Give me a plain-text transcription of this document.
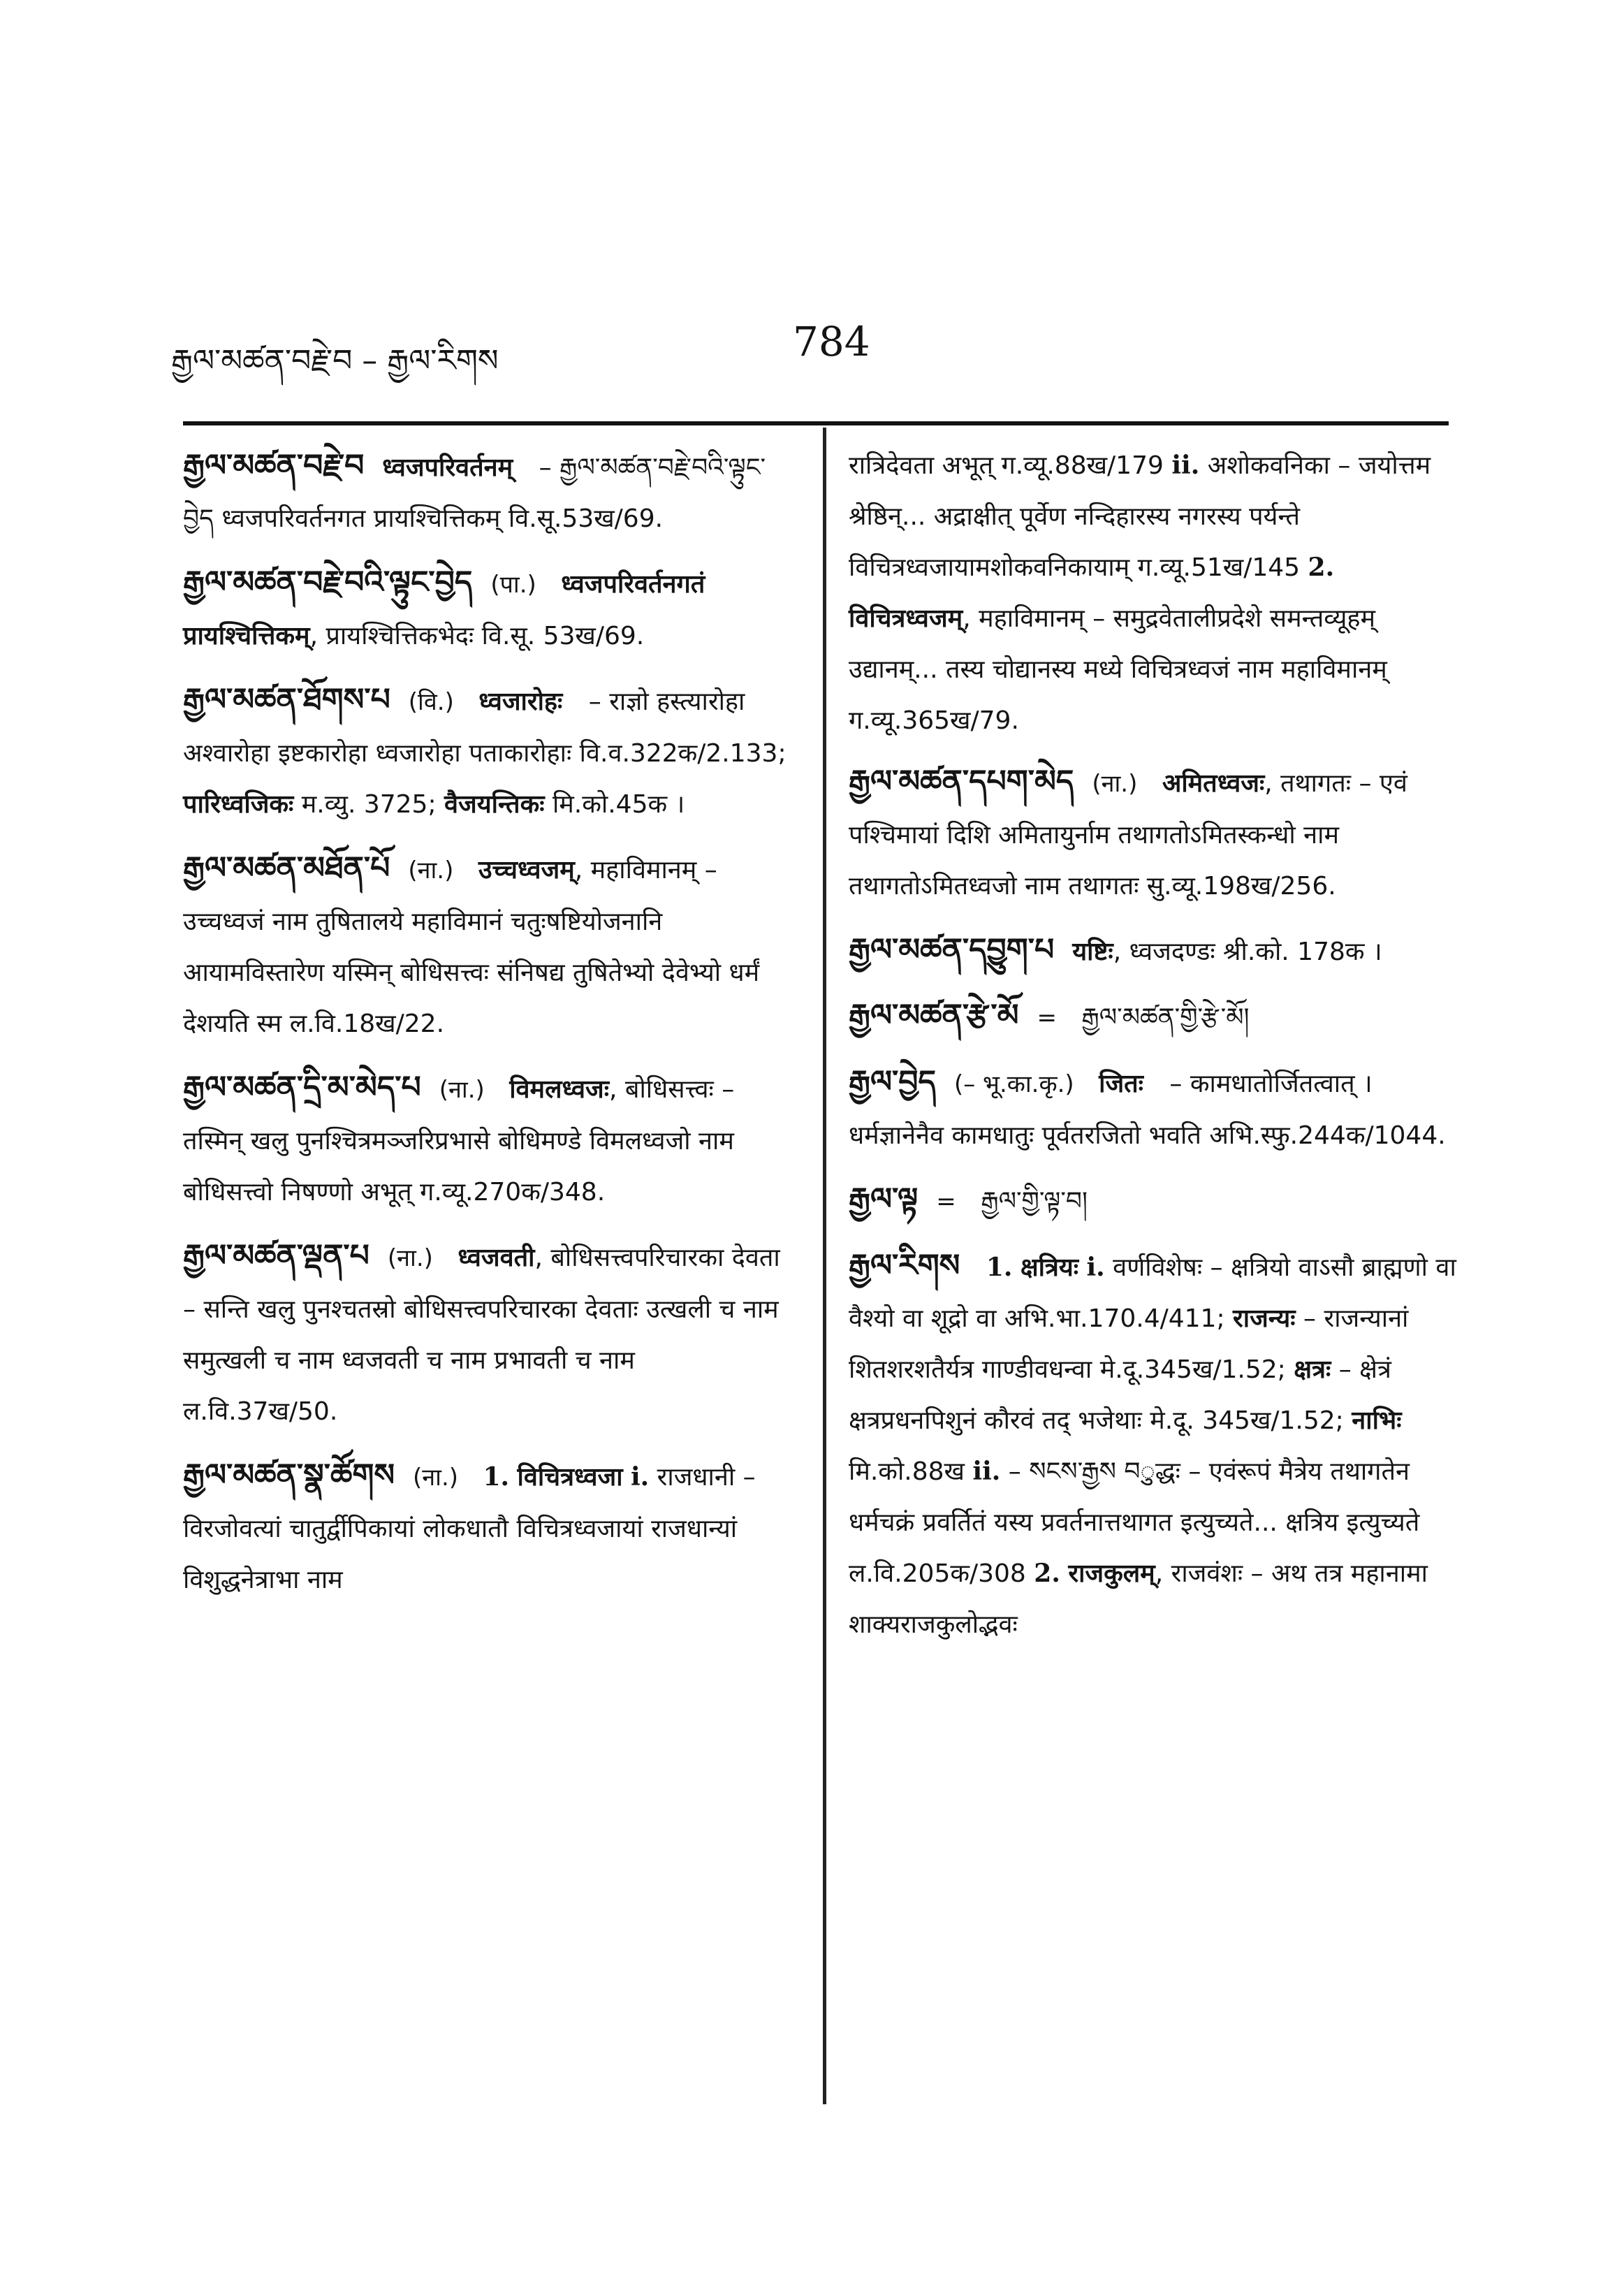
རྒྱལ་མཚན་བརྗེ་བ – རྒྱལ་རིགས	784
རྒྱལ་མཚན་བརྗེ་བ ध्वजपरिवर्तनम् – རྒྱལ་མཚན་བརྗེ་བའི་ལྟུང་བྱེད ध्वजपरिवर्तनगत प्रायश्चित्तिकम् वि.सू.53ख/69.
རྒྱལ་མཚན་བརྗེ་བའི་ལྟུང་བྱེད (पा.) ध्वजपरिवर्तनगतं प्रायश्चित्तिकम्, प्रायश्चित्तिकभेदः वि.सू. 53ख/69.
རྒྱལ་མཚན་ཐོགས་པ (वि.) ध्वजारोहः – राज्ञो हस्त्यारोहा अश्वारोहा इष्टकारोहा ध्वजारोहा पताकारोहाः वि.व.322क/2.133; पारिध्वजिकः म.व्यु. 3725; वैजयन्तिकः मि.को.45क ।
རྒྱལ་མཚན་མཐོན་པོ (ना.) उच्चध्वजम्, महाविमानम् – उच्चध्वजं नाम तुषितालये महाविमानं चतुःषष्टियोजनानि आयामविस्तारेण यस्मिन् बोधिसत्त्वः संनिषद्य तुषितेभ्यो देवेभ्यो धर्मं देशयति स्म ल.वि.18ख/22.
རྒྱལ་མཚན་དྲི་མ་མེད་པ (ना.) विमलध्वजः, बोधिसत्त्वः – तस्मिन् खलु पुनश्चित्रमञ्जरिप्रभासे बोधिमण्डे विमलध्वजो नाम बोधिसत्त्वो निषण्णो अभूत् ग.व्यू.270क/348.
རྒྱལ་མཚན་ལྡན་པ (ना.) ध्वजवती, बोधिसत्त्वपरिचारका देवता – सन्ति खलु पुनश्चतस्रो बोधिसत्त्वपरिचारका देवताः उत्खली च नाम समुत्खली च नाम ध्वजवती च नाम प्रभावती च नाम ल.वि.37ख/50.
རྒྱལ་མཚན་སྣ་ཚོགས (ना.) 1. विचित्रध्वजा i. राजधानी – विरजोवत्यां चातुर्द्वीपिकायां लोकधातौ विचित्रध्वजायां राजधान्यां विशुद्धनेत्राभा नाम
रात्रिदेवता अभूत् ग.व्यू.88ख/179 ii. अशोकवनिका – जयोत्तम श्रेष्ठिन्... अद्राक्षीत् पूर्वेण नन्दिहारस्य नगरस्य पर्यन्ते विचित्रध्वजायामशोकवनिकायाम् ग.व्यू.51ख/145 2. विचित्रध्वजम्, महाविमानम् – समुद्रवेतालीप्रदेशे समन्तव्यूहम् उद्यानम्... तस्य चोद्यानस्य मध्ये विचित्रध्वजं नाम महाविमानम् ग.व्यू.365ख/79.
རྒྱལ་མཚན་དཔག་མེད (ना.) अमितध्वजः, तथागतः – एवं पश्चिमायां दिशि अमितायुर्नाम तथागतोऽमितस्कन्धो नाम तथागतोऽमितध्वजो नाम तथागतः सु.व्यू.198ख/256.
རྒྱལ་མཚན་དབྱུག་པ यष्टिः, ध्वजदण्डः श्री.को. 178क ।
རྒྱལ་མཚན་རྩེ་མོ = རྒྱལ་མཚན་གྱི་རྩེ་མོ།
རྒྱལ་བྱེད (– भू.का.कृ.) जितः – कामधातोर्जितत्वात् । धर्मज्ञानेनैव कामधातुः पूर्वतरजितो भवति अभि.स्फु.244क/1044.
རྒྱལ་ལྟ = རྒྱལ་གྱི་ལྟ་བ།
རྒྱལ་རིགས 1. क्षत्रियः i. वर्णविशेषः – क्षत्रियो वाऽसौ ब्राह्मणो वा वैश्यो वा शूद्रो वा अभि.भा.170.4/411; राजन्यः – राजन्यानां शितशरशतैर्यत्र गाण्डीवधन्वा मे.दू.345ख/1.52; क्षत्रः – क्षेत्रं क्षत्रप्रधनपिशुनं कौरवं तद् भजेथाः मे.दू. 345ख/1.52; नाभिः मि.को.88ख ii. – སངས་རྒྱས བुद्धः – एवंरूपं मैत्रेय तथागतेन धर्मचक्रं प्रवर्तितं यस्य प्रवर्तनात्तथागत इत्युच्यते... क्षत्रिय इत्युच्यते ल.वि.205क/308 2. राजकुलम्, राजवंशः – अथ तत्र महानामा शाक्यराजकुलोद्भवः
